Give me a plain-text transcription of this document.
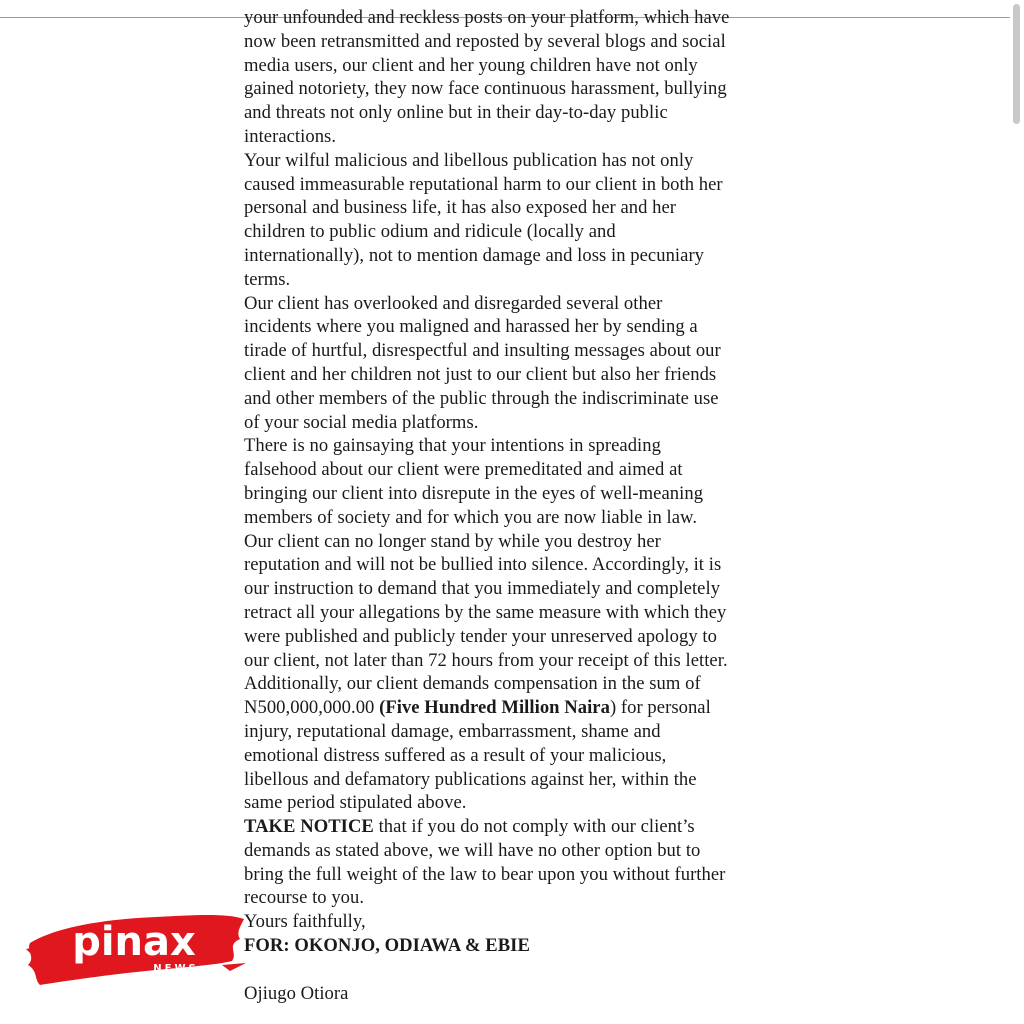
your unfounded and reckless posts on your platform, which have
now been retransmitted and reposted by several blogs and social
media users, our client and her young children have not only
gained notoriety, they now face continuous harassment, bullying
and threats not only online but in their day-to-day public
interactions.

Your wilful malicious and libellous publication has not only
caused immeasurable reputational harm to our client in both her
personal and business life, it has also exposed her and her
children to public odium and ridicule (locally and
internationally), not to mention damage and loss in pecuniary
terms.

Our client has overlooked and disregarded several other
incidents where you maligned and harassed her by sending a
tirade of hurtful, disrespectful and insulting messages about our
client and her children not just to our client but also her friends
and other members of the public through the indiscriminate use
of your social media platforms.

There is no gainsaying that your intentions in spreading
falsehood about our client were premeditated and aimed at
bringing our client into disrepute in the eyes of well-meaning
members of society and for which you are now liable in law.

Our client can no longer stand by while you destroy her
reputation and will not be bullied into silence. Accordingly, it is
our instruction to demand that you immediately and completely
retract all your allegations by the same measure with which they
were published and publicly tender your unreserved apology to
our client, not later than 72 hours from your receipt of this letter.

Additionally, our client demands compensation in the sum of
N500,000,000.00 (Five Hundred Million Naira) for personal
injury, reputational damage, embarrassment, shame and
emotional distress suffered as a result of your malicious,
libellous and defamatory publications against her, within the
same period stipulated above.

TAKE NOTICE that if you do not comply with our client’s
demands as stated above, we will have no other option but to
bring the full weight of the law to bear upon you without further
recourse to you.

Yours faithfully,

FOR: OKONJO, ODIAWA & EBIE

Ojiugo Otiora

pinax
NEWS
